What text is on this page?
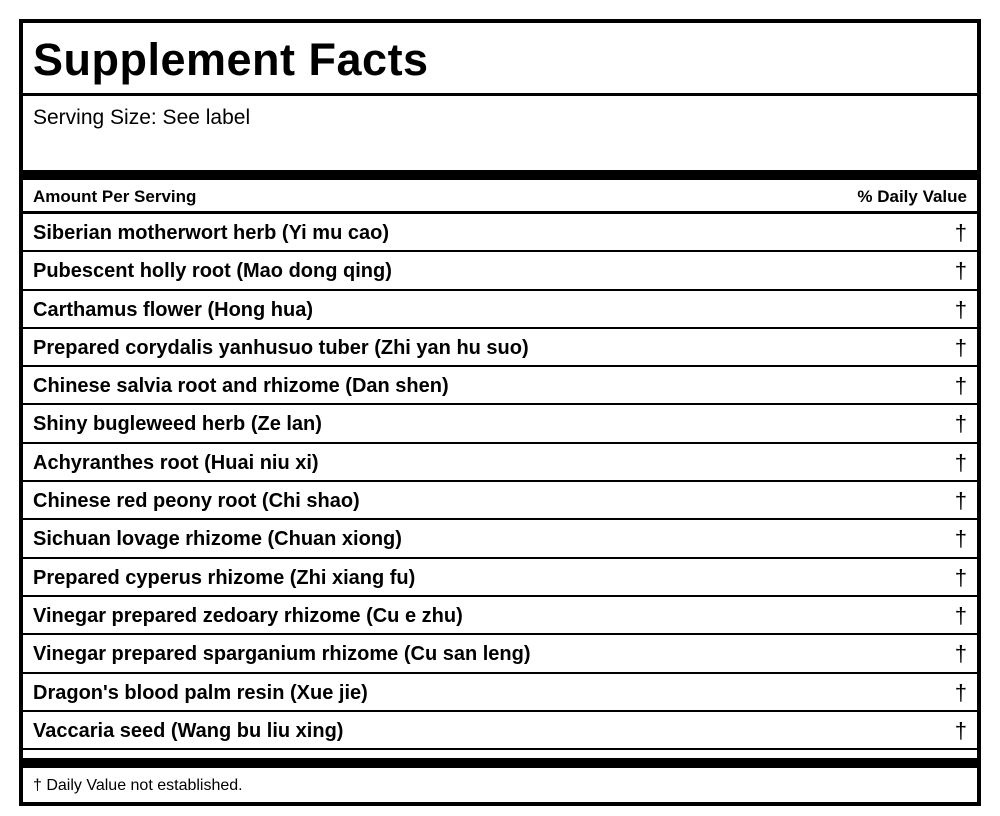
Supplement Facts
Serving Size: See label
Amount Per Serving	% Daily Value
Siberian motherwort herb (Yi mu cao)	†
Pubescent holly root (Mao dong qing)	†
Carthamus flower (Hong hua)	†
Prepared corydalis yanhusuo tuber (Zhi yan hu suo)	†
Chinese salvia root and rhizome (Dan shen)	†
Shiny bugleweed herb (Ze lan)	†
Achyranthes root (Huai niu xi)	†
Chinese red peony root (Chi shao)	†
Sichuan lovage rhizome (Chuan xiong)	†
Prepared cyperus rhizome (Zhi xiang fu)	†
Vinegar prepared zedoary rhizome (Cu e zhu)	†
Vinegar prepared sparganium rhizome (Cu san leng)	†
Dragon's blood palm resin (Xue jie)	†
Vaccaria seed (Wang bu liu xing)	†
† Daily Value not established.
